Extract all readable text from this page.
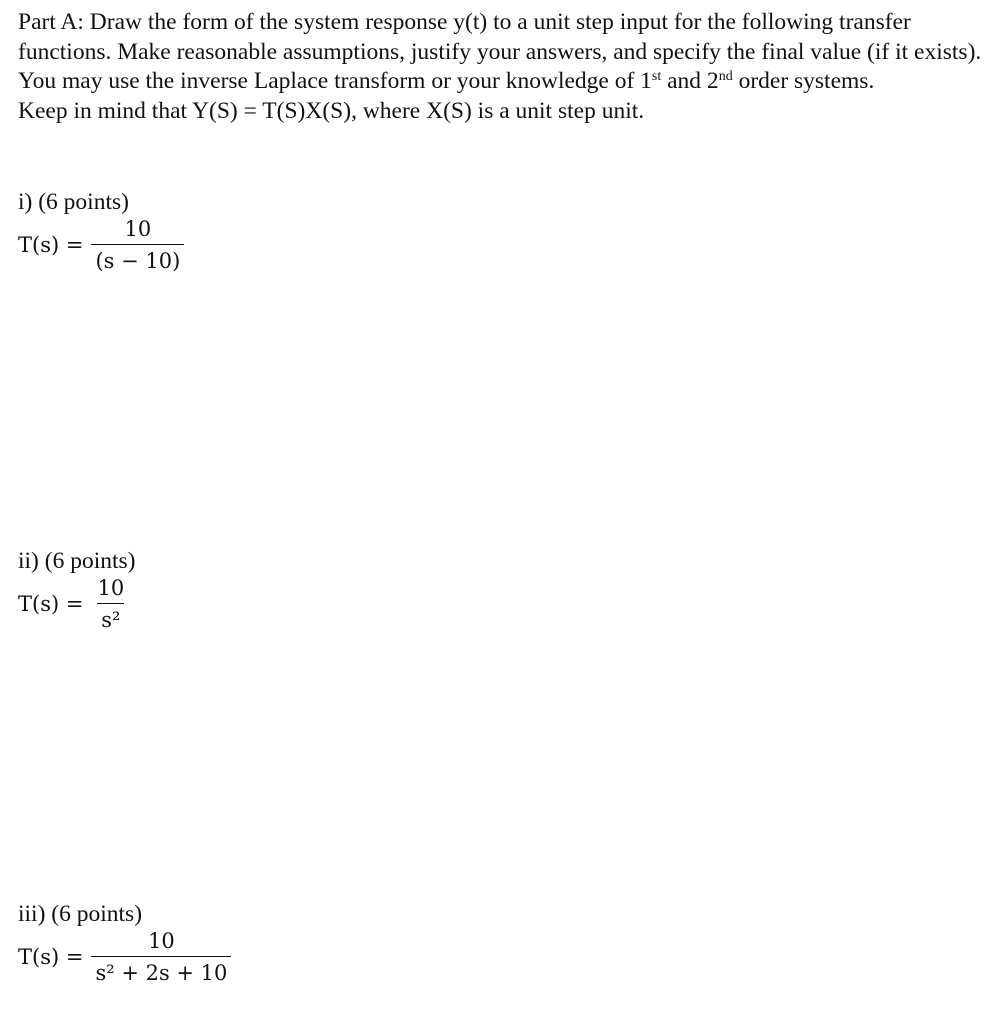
Part A: Draw the form of the system response y(t) to a unit step input for the following transfer functions. Make reasonable assumptions, justify your answers, and specify the final value (if it exists). You may use the inverse Laplace transform or your knowledge of 1st and 2nd order systems.
Keep in mind that Y(S) = T(S)X(S), where X(S) is a unit step unit.
i) (6 points)
$T(s) = \frac{10}{(s - 10)}$
ii) (6 points)
$T(s) = \frac{10}{\text{s²}}$
iii) (6 points)
$T(s) = \frac{10}{\text{s² + 2s + 10}}$
